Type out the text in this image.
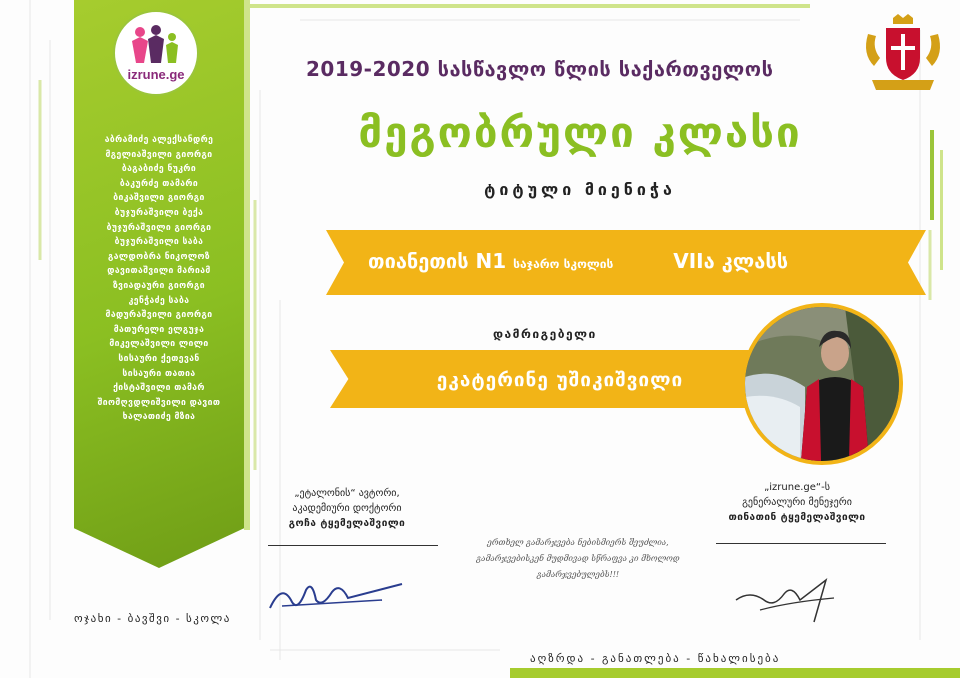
izrune.ge
აბრამიძე ალექსანდრე
მგელიაშვილი გიორგი
ბაგაბიძე ნუკრი
ბაკურძე თამარი
ბიკაშვილი გიორგი
ბუჯურაშვილი ბექა
ბუჯურაშვილი გიორგი
ბუჯურაშვილი საბა
გალდობრა ნიკოლოზ
დავითაშვილი მარიამ
ზვიადაური გიორგი
კენჭაძე საბა
მადურაშვილი გიორგი
მათურელი ელგუჯა
მიკელაშვილი ლილი
სისაური ქეთევან
სისაური თათია
ქისტაშვილი თამარ
შიომღვდლიშვილი დავით
ხალათიძე მზია
2019-2020 სასწავლო წლის საქართველოს
მეგობრული კლასი
ტიტული მიენიჭა
თიანეთის N1 საჯარო სკოლის	VIIა კლასს
დამრიგებელი
ეკატერინე უშიკიშვილი
„ეტალონის“ ავტორი,
აკადემიური დოქტორი
გოჩა ტყემელაშვილი
„izrune.ge“-ს
გენერალური მენეჯერი
თინათინ ტყემელაშვილი
ერთხელ გამარჯვება ნებისმიერს შეუძლია,
გამარჯვებისკენ მუდმივად სწრაფვა კი მხოლოდ გამარჯვებულებს!!!
ოჯახი - ბავშვი - სკოლა
აღზრდა - განათლება - წახალისება
